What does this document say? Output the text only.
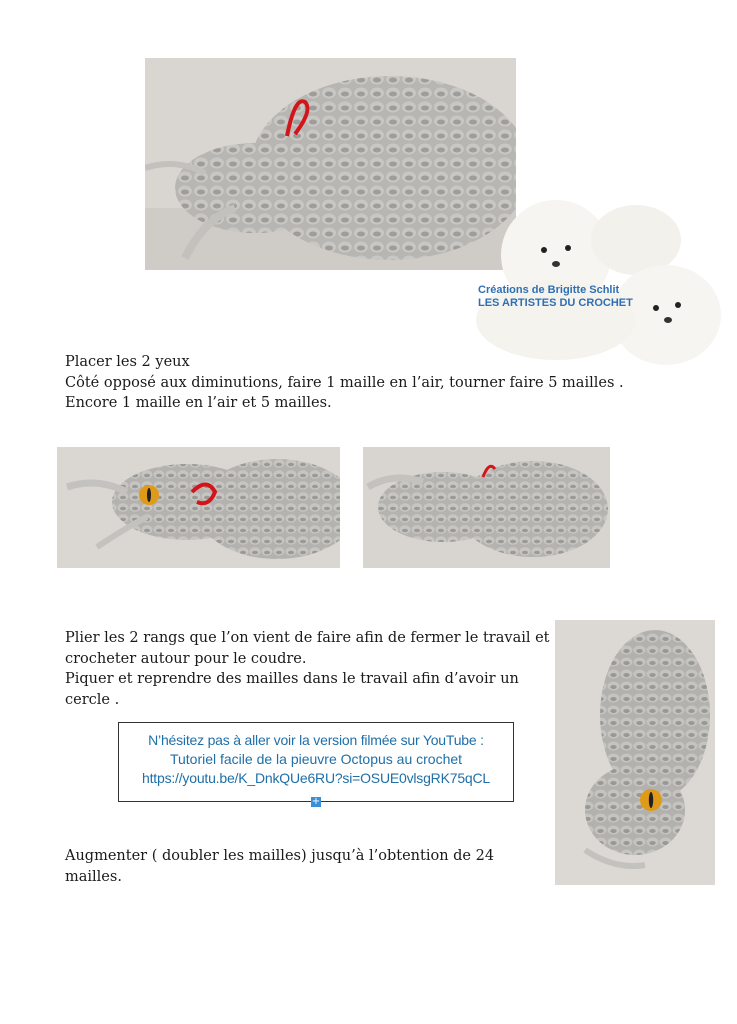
Créations de Brigitte Schlit
LES ARTISTES DU CROCHET
Placer les 2 yeux
Côté opposé aux diminutions, faire 1 maille en l’air, tourner faire 5 mailles .
Encore 1 maille en l’air et 5 mailles.
Plier les 2 rangs que l’on vient de faire afin de fermer le travail et
crocheter autour pour le coudre.
Piquer et reprendre des mailles dans le travail afin d’avoir un
cercle .
N’hésitez pas à aller voir la version filmée sur YouTube :
Tutoriel facile de la pieuvre Octopus au crochet
https://youtu.be/K_DnkQUe6RU?si=OSUE0vlsgRK75qCL
+
Augmenter ( doubler les mailles) jusqu’à l’obtention de 24
mailles.
